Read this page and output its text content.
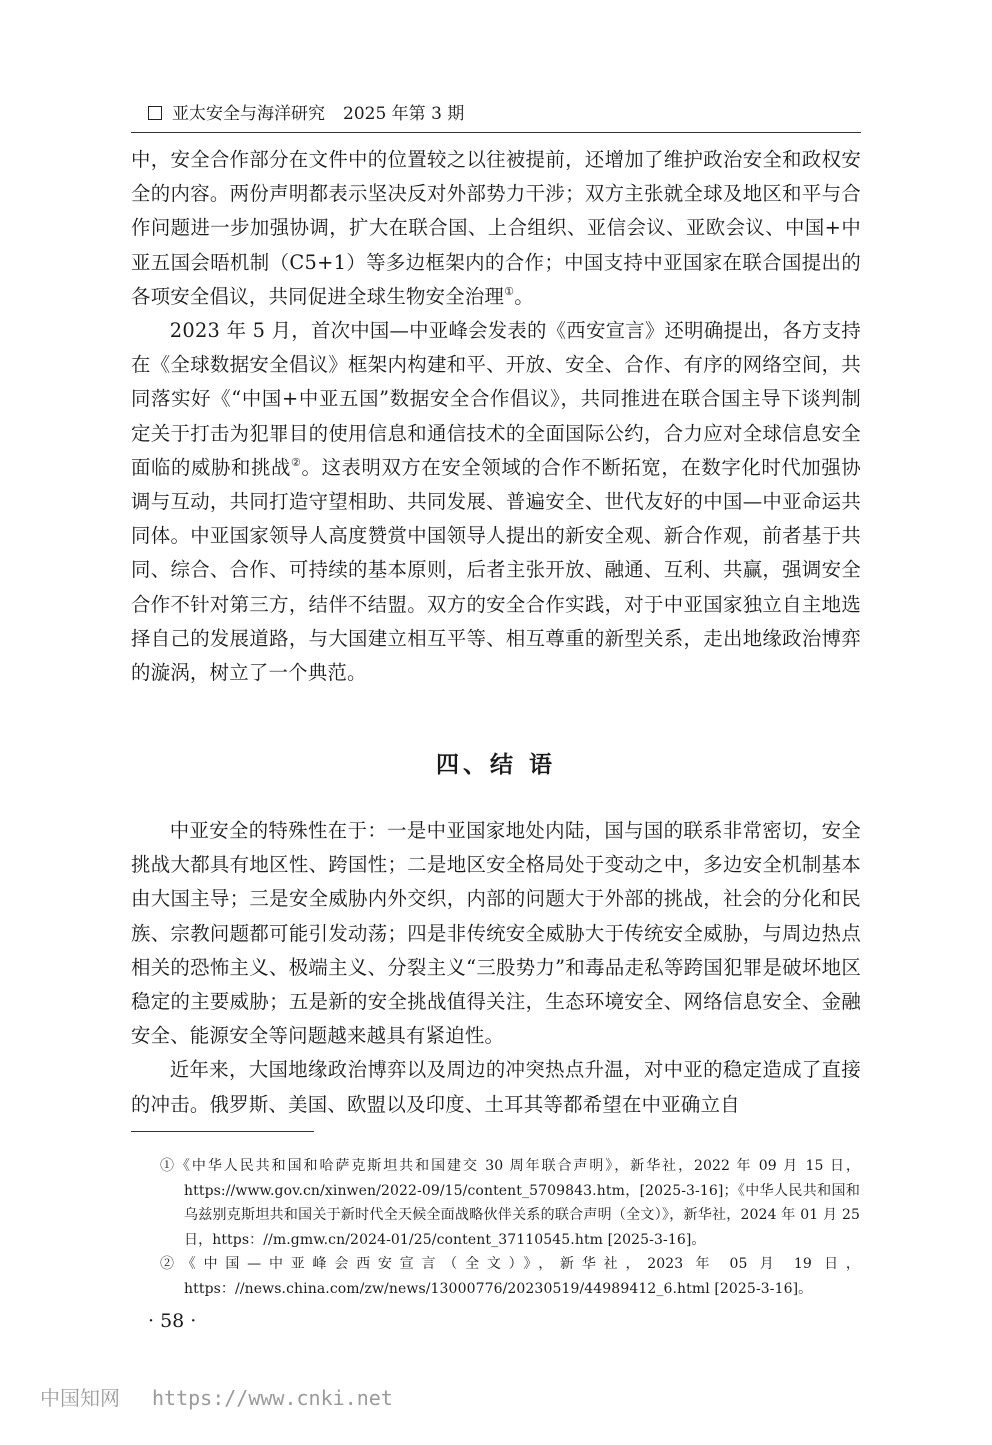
亚太安全与海洋研究 2025 年第 3 期

中，安全合作部分在文件中的位置较之以往被提前，还增加了维护政治安全和政权安全的内容。两份声明都表示坚决反对外部势力干涉；双方主张就全球及地区和平与合作问题进一步加强协调，扩大在联合国、上合组织、亚信会议、亚欧会议、中国+中亚五国会晤机制（C5+1）等多边框架内的合作；中国支持中亚国家在联合国提出的各项安全倡议，共同促进全球生物安全治理①。

2023 年 5 月，首次中国—中亚峰会发表的《西安宣言》还明确提出，各方支持在《全球数据安全倡议》框架内构建和平、开放、安全、合作、有序的网络空间，共同落实好《“中国+中亚五国”数据安全合作倡议》，共同推进在联合国主导下谈判制定关于打击为犯罪目的使用信息和通信技术的全面国际公约，合力应对全球信息安全面临的威胁和挑战②。这表明双方在安全领域的合作不断拓宽，在数字化时代加强协调与互动，共同打造守望相助、共同发展、普遍安全、世代友好的中国—中亚命运共同体。中亚国家领导人高度赞赏中国领导人提出的新安全观、新合作观，前者基于共同、综合、合作、可持续的基本原则，后者主张开放、融通、互利、共赢，强调安全合作不针对第三方，结伴不结盟。双方的安全合作实践，对于中亚国家独立自主地选择自己的发展道路，与大国建立相互平等、相互尊重的新型关系，走出地缘政治博弈的漩涡，树立了一个典范。

四、结 语

中亚安全的特殊性在于：一是中亚国家地处内陆，国与国的联系非常密切，安全挑战大都具有地区性、跨国性；二是地区安全格局处于变动之中，多边安全机制基本由大国主导；三是安全威胁内外交织，内部的问题大于外部的挑战，社会的分化和民族、宗教问题都可能引发动荡；四是非传统安全威胁大于传统安全威胁，与周边热点相关的恐怖主义、极端主义、分裂主义“三股势力”和毒品走私等跨国犯罪是破坏地区稳定的主要威胁；五是新的安全挑战值得关注，生态环境安全、网络信息安全、金融安全、能源安全等问题越来越具有紧迫性。

近年来，大国地缘政治博弈以及周边的冲突热点升温，对中亚的稳定造成了直接的冲击。俄罗斯、美国、欧盟以及印度、土耳其等都希望在中亚确立自

①《中华人民共和国和哈萨克斯坦共和国建交 30 周年联合声明》，新华社，2022 年 09 月 15 日，https://www.gov.cn/xinwen/2022-09/15/content_5709843.htm，[2025-3-16]；《中华人民共和国和乌兹别克斯坦共和国关于新时代全天候全面战略伙伴关系的联合声明（全文）》，新华社，2024 年 01 月 25 日，https：//m.gmw.cn/2024-01/25/content_37110545.htm [2025-3-16]。

②《中国—中亚峰会西安宣言（全文）》，新华社，2023 年 05 月 19 日，https：//news.china.com/zw/news/13000776/20230519/44989412_6.html [2025-3-16]。

· 58 ·
中国知网 https://www.cnki.net
